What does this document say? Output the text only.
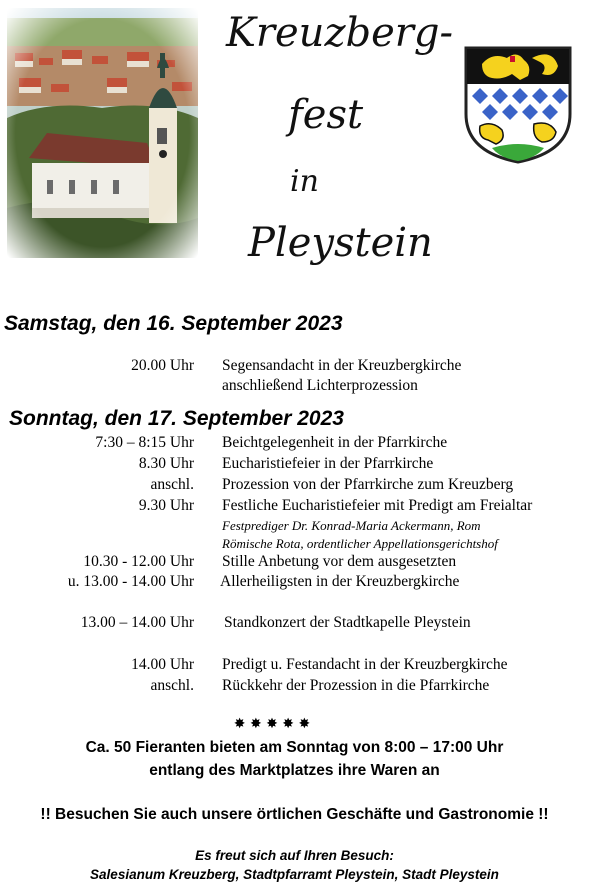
Kreuzberg-
fest
in
Pleystein
Samstag, den 16. September 2023
20.00 Uhr Segensandacht in der Kreuzbergkirche
anschließend Lichterprozession
Sonntag, den 17. September 2023
7:30 – 8:15 Uhr Beichtgelegenheit in der Pfarrkirche
8.30 Uhr Eucharistiefeier in der Pfarrkirche
anschl. Prozession von der Pfarrkirche zum Kreuzberg
9.30 Uhr Festliche Eucharistiefeier mit Predigt am Freialtar
Festprediger Dr. Konrad-Maria Ackermann, Rom
Römische Rota, ordentlicher Appellationsgerichtshof
10.30 - 12.00 Uhr Stille Anbetung vor dem ausgesetzten
u. 13.00 - 14.00 Uhr Allerheiligsten in der Kreuzbergkirche
13.00 – 14.00 Uhr Standkonzert der Stadtkapelle Pleystein
14.00 Uhr Predigt u. Festandacht in der Kreuzbergkirche
anschl. Rückkehr der Prozession in die Pfarrkirche
✸ ✸ ✸ ✸ ✸
Ca. 50 Fieranten bieten am Sonntag von 8:00 – 17:00 Uhr
entlang des Marktplatzes ihre Waren an
!! Besuchen Sie auch unsere örtlichen Geschäfte und Gastronomie !!
Es freut sich auf Ihren Besuch:
Salesianum Kreuzberg, Stadtpfarramt Pleystein, Stadt Pleystein
